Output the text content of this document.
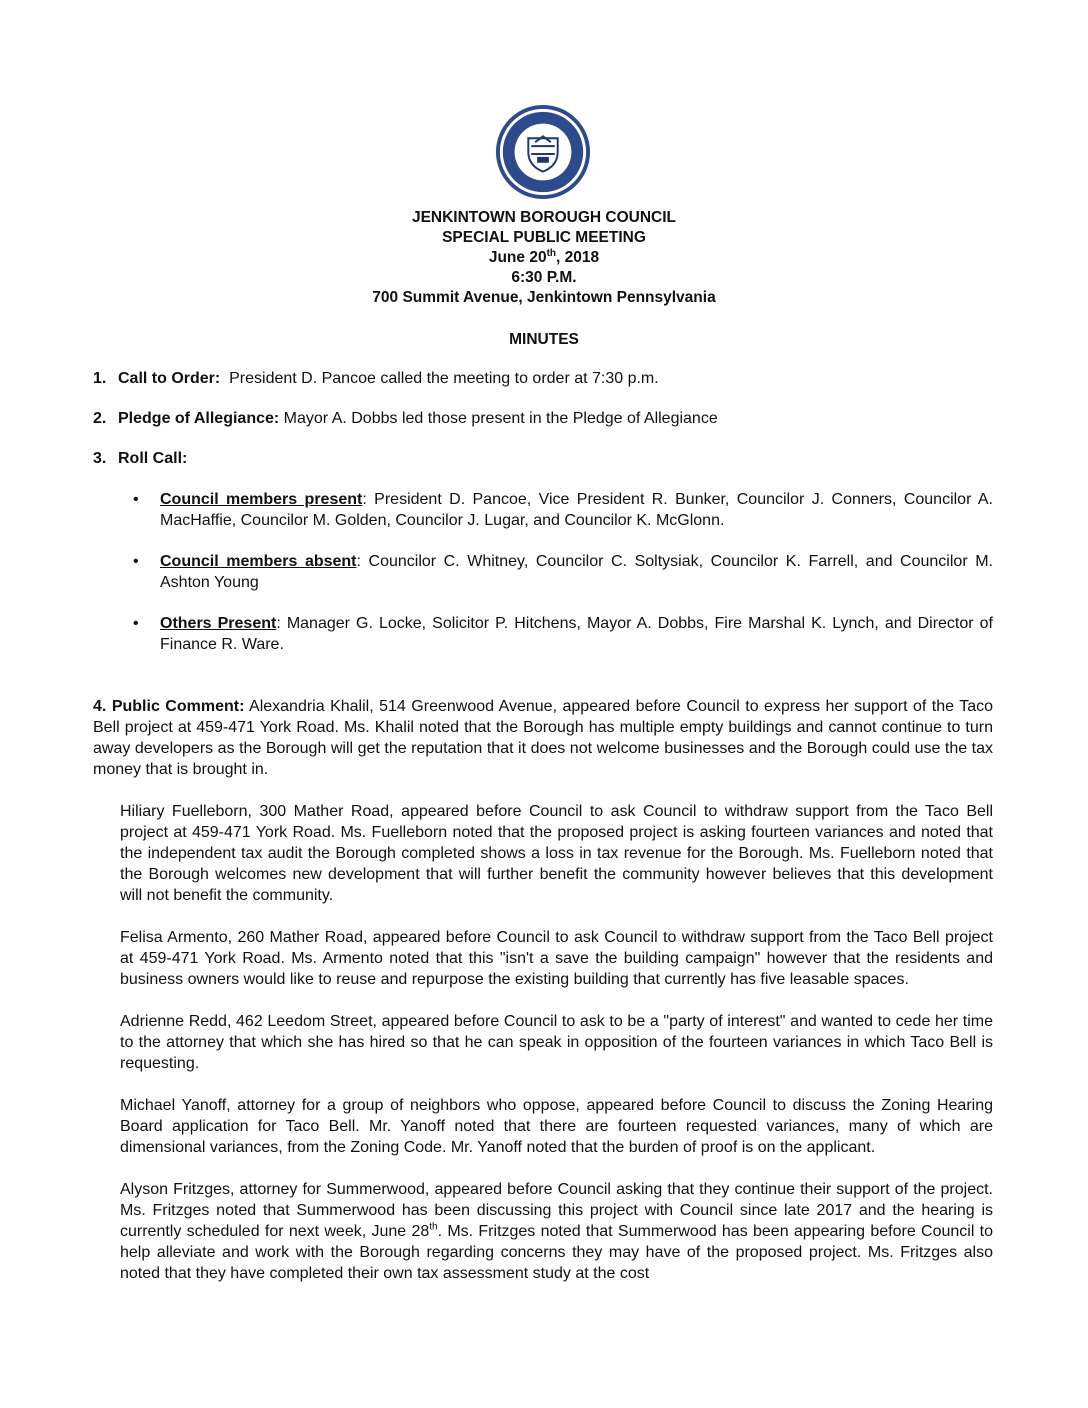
JENKINTOWN BOROUGH COUNCIL
SPECIAL PUBLIC MEETING
June 20th, 2018
6:30 P.M.
700 Summit Avenue, Jenkintown Pennsylvania
MINUTES

1. Call to Order: President D. Pancoe called the meeting to order at 7:30 p.m.

2. Pledge of Allegiance: Mayor A. Dobbs led those present in the Pledge of Allegiance

3. Roll Call:

• Council members present: President D. Pancoe, Vice President R. Bunker, Councilor J. Conners, Councilor A. MacHaffie, Councilor M. Golden, Councilor J. Lugar, and Councilor K. McGlonn.
• Council members absent: Councilor C. Whitney, Councilor C. Soltysiak, Councilor K. Farrell, and Councilor M. Ashton Young
• Others Present: Manager G. Locke, Solicitor P. Hitchens, Mayor A. Dobbs, Fire Marshal K. Lynch, and Director of Finance R. Ware.

4. Public Comment: Alexandria Khalil, 514 Greenwood Avenue, appeared before Council to express her support of the Taco Bell project at 459-471 York Road. Ms. Khalil noted that the Borough has multiple empty buildings and cannot continue to turn away developers as the Borough will get the reputation that it does not welcome businesses and the Borough could use the tax money that is brought in.

Hiliary Fuelleborn, 300 Mather Road, appeared before Council to ask Council to withdraw support from the Taco Bell project at 459-471 York Road. Ms. Fuelleborn noted that the proposed project is asking fourteen variances and noted that the independent tax audit the Borough completed shows a loss in tax revenue for the Borough. Ms. Fuelleborn noted that the Borough welcomes new development that will further benefit the community however believes that this development will not benefit the community.

Felisa Armento, 260 Mather Road, appeared before Council to ask Council to withdraw support from the Taco Bell project at 459-471 York Road. Ms. Armento noted that this "isn't a save the building campaign" however that the residents and business owners would like to reuse and repurpose the existing building that currently has five leasable spaces.

Adrienne Redd, 462 Leedom Street, appeared before Council to ask to be a "party of interest" and wanted to cede her time to the attorney that which she has hired so that he can speak in opposition of the fourteen variances in which Taco Bell is requesting.

Michael Yanoff, attorney for a group of neighbors who oppose, appeared before Council to discuss the Zoning Hearing Board application for Taco Bell. Mr. Yanoff noted that there are fourteen requested variances, many of which are dimensional variances, from the Zoning Code. Mr. Yanoff noted that the burden of proof is on the applicant.

Alyson Fritzges, attorney for Summerwood, appeared before Council asking that they continue their support of the project. Ms. Fritzges noted that Summerwood has been discussing this project with Council since late 2017 and the hearing is currently scheduled for next week, June 28th. Ms. Fritzges noted that Summerwood has been appearing before Council to help alleviate and work with the Borough regarding concerns they may have of the proposed project. Ms. Fritzges also noted that they have completed their own tax assessment study at the cost
